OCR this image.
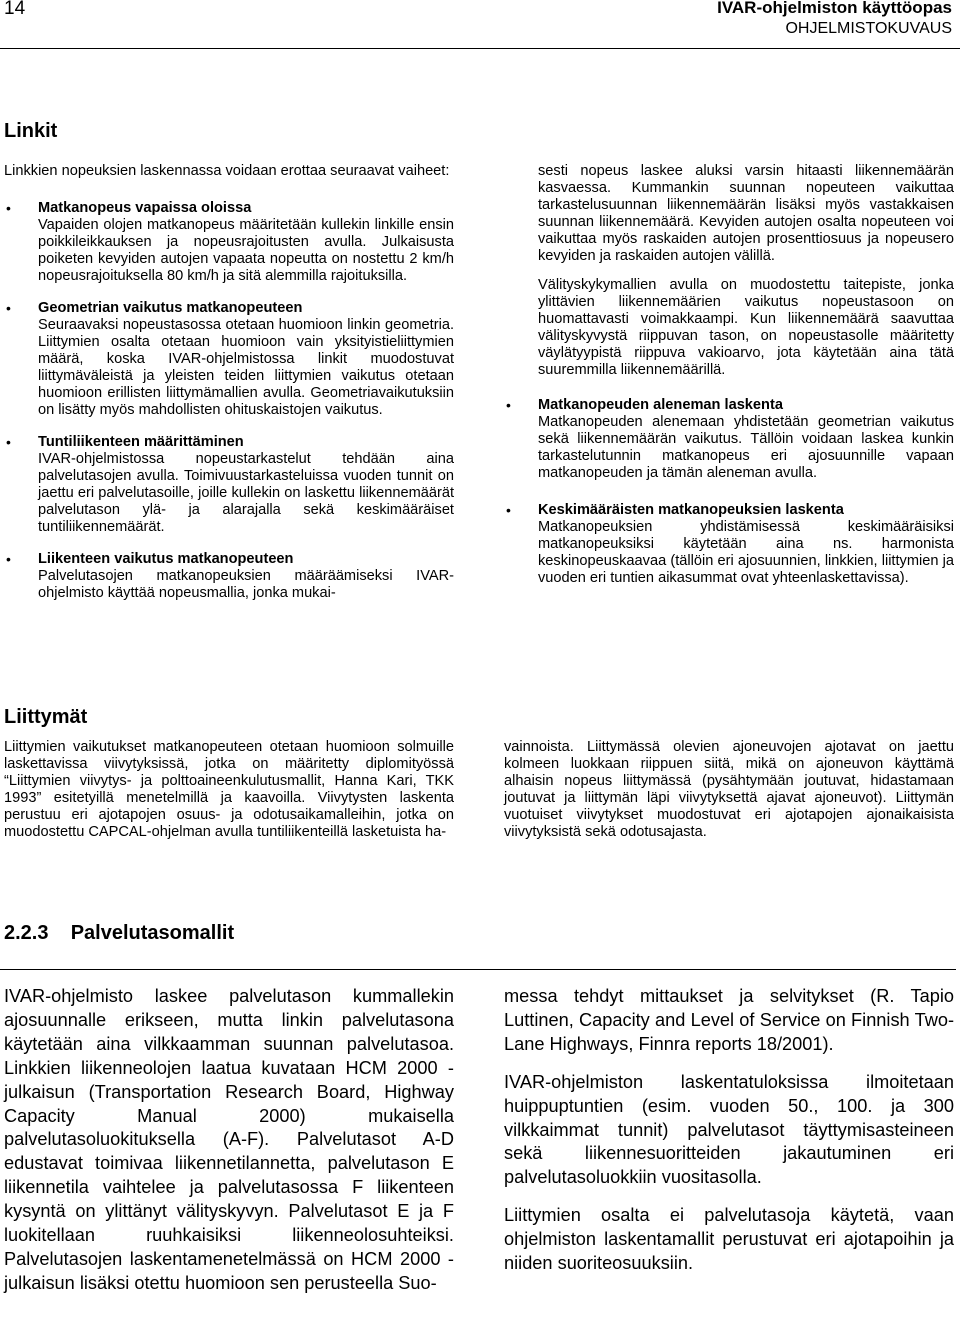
14	IVAR-ohjelmiston käyttöopas
OHJELMISTOKUVAUS
Linkit

Linkkien nopeuksien laskennassa voidaan erottaa seuraavat vaiheet:

• Matkanopeus vapaissa oloissa
Vapaiden olojen matkanopeus määritetään kullekin linkille ensin poikkileikkauksen ja nopeusrajoitusten avulla. Julkaisusta poiketen kevyiden autojen vapaata nopeutta on nostettu 2 km/h nopeusrajoituksella 80 km/h ja sitä alemmilla rajoituksilla.
• Geometrian vaikutus matkanopeuteen
Seuraavaksi nopeustasossa otetaan huomioon linkin geometria. Liittymien osalta otetaan huomioon vain yksityistieliittymien määrä, koska IVAR-ohjelmistossa linkit muodostuvat liittymäväleistä ja yleisten teiden liittymien vaikutus otetaan huomioon erillisten liittymämallien avulla. Geometriavaikutuksiin on lisätty myös mahdollisten ohituskaistojen vaikutus.
• Tuntiliikenteen määrittäminen
IVAR-ohjelmistossa nopeustarkastelut tehdään aina palvelutasojen avulla. Toimivuustarkasteluissa vuoden tunnit on jaettu eri palvelutasoille, joille kullekin on laskettu liikennemäärät palvelutason ylä- ja alarajalla sekä keskimääräiset tuntiliikennemäärät.
• Liikenteen vaikutus matkanopeuteen
Palvelutasojen matkanopeuksien määräämiseksi IVAR-ohjelmisto käyttää nopeusmallia, jonka mukai-

sesti nopeus laskee aluksi varsin hitaasti liikennemäärän kasvaessa. Kummankin suunnan nopeuteen vaikuttaa tarkastelusuunnan liikennemäärän lisäksi myös vastakkaisen suunnan liikennemäärä. Kevyiden autojen osalta nopeuteen voi vaikuttaa myös raskaiden autojen prosenttiosuus ja nopeusero kevyiden ja raskaiden autojen välillä.

Välityskykymallien avulla on muodostettu taitepiste, jonka ylittävien liikennemäärien vaikutus nopeustasoon on huomattavasti voimakkaampi. Kun liikennemäärä saavuttaa välityskyvystä riippuvan tason, on nopeustasolle määritetty väylätyypistä riippuva vakioarvo, jota käytetään aina tätä suuremmilla liikennemäärillä.

• Matkanopeuden aleneman laskenta
Matkanopeuden alenemaan yhdistetään geometrian vaikutus sekä liikennemäärän vaikutus. Tällöin voidaan laskea kunkin tarkastelutunnin matkanopeus eri ajosuunnille vapaan matkanopeuden ja tämän aleneman avulla.
• Keskimääräisten matkanopeuksien laskenta
Matkanopeuksien yhdistämisessä keskimääräisiksi matkanopeuksiksi käytetään aina ns. harmonista keskinopeuskaavaa (tällöin eri ajosuunnien, linkkien, liittymien ja vuoden eri tuntien aikasummat ovat yhteenlaskettavissa).
Liittymät
Liittymien vaikutukset matkanopeuteen otetaan huomioon solmuille laskettavissa viivytyksissä, jotka on määritetty diplomityössä “Liittymien viivytys- ja polttoaineenkulutusmallit, Hanna Kari, TKK 1993” esitetyillä menetelmillä ja kaavoilla. Viivytysten laskenta perustuu eri ajotapojen osuus- ja odotusaikamalleihin, jotka on muodostettu CAPCAL-ohjelman avulla tuntiliikenteillä lasketuista ha-
vainnoista. Liittymässä olevien ajoneuvojen ajotavat on jaettu kolmeen luokkaan riippuen siitä, mikä on ajoneuvon käyttämä alhaisin nopeus liittymässä (pysähtymään joutuvat, hidastamaan joutuvat ja liittymän läpi viivytyksettä ajavat ajoneuvot). Liittymän vuotuiset viivytykset muodostuvat eri ajotapojen ajonaikaisista viivytyksistä sekä odotusajasta.
2.2.3    Palvelutasomallit
IVAR-ohjelmisto laskee palvelutason kummallekin ajosuunnalle erikseen, mutta linkin palvelutasona käytetään aina vilkkaamman suunnan palvelutasoa. Linkkien liikenneolojen laatua kuvataan HCM 2000 -julkaisun (Transportation Research Board, Highway Capacity Manual 2000) mukaisella palvelutasoluokituksella (A-F). Palvelutasot A-D edustavat toimivaa liikennetilannetta, palvelutason E liikennetila vaihtelee ja palvelutasossa F liikenteen kysyntä on ylittänyt välityskyvyn. Palvelutasot E ja F luokitellaan ruuhkaisiksi liikenneolosuhteiksi. Palvelutasojen laskentamenetelmässä on HCM 2000 -julkaisun lisäksi otettu huomioon sen perusteella Suo-

messa tehdyt mittaukset ja selvitykset (R. Tapio Luttinen, Capacity and Level of Service on Finnish Two-Lane Highways, Finnra reports 18/2001).

IVAR-ohjelmiston laskentatuloksissa ilmoitetaan huippuptuntien (esim. vuoden 50., 100. ja 300 vilkkaimmat tunnit) palvelutasot täyttymisasteineen sekä liikennesuoritteiden jakautuminen eri palvelutasoluokkiin vuositasolla.

Liittymien osalta ei palvelutasoja käytetä, vaan ohjelmiston laskentamallit perustuvat eri ajotapoihin ja niiden suoriteosuuksiin.
